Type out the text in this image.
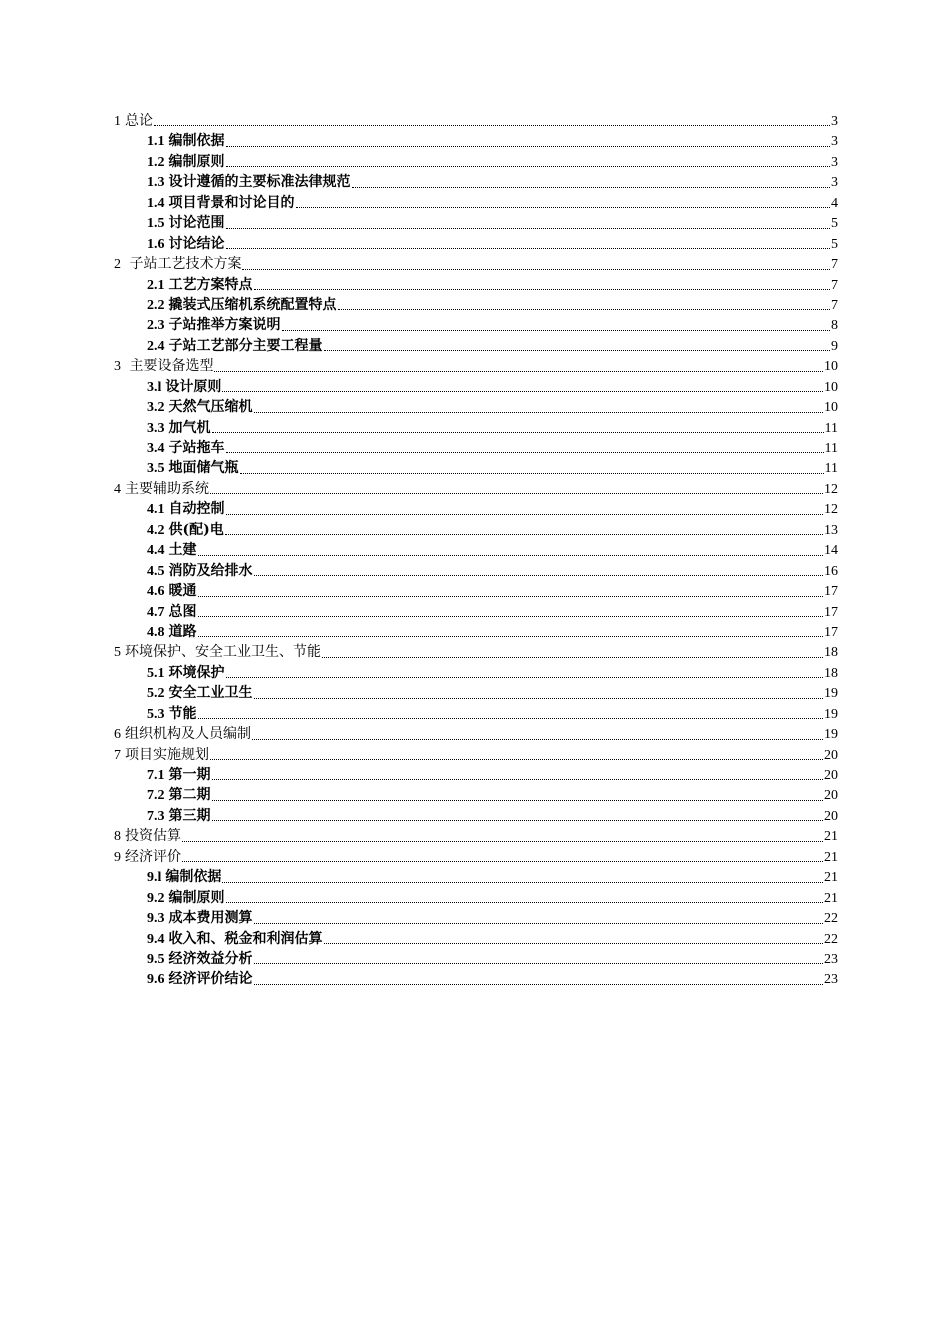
1 总论	3
1.1 编制依据	3
1.2 编制原则	3
1.3 设计遵循的主要标准法律规范	3
1.4 项目背景和讨论目的	4
1.5 讨论范围	5
1.6 讨论结论	5
2 子站工艺技术方案	7
2.1 工艺方案特点	7
2.2 撬装式压缩机系统配置特点	7
2.3 子站推举方案说明	8
2.4 子站工艺部分主要工程量	9
3 主要设备选型	10
3.l 设计原则	10
3.2 天然气压缩机	10
3.3 加气机	11
3.4 子站拖车	11
3.5 地面储气瓶	11
4 主要辅助系统	12
4.1 自动控制	12
4.2 供(配)电	13
4.4 土建	14
4.5 消防及给排水	16
4.6 暖通	17
4.7 总图	17
4.8 道路	17
5 环境保护、安全工业卫生、节能	18
5.1 环境保护	18
5.2 安全工业卫生	19
5.3 节能	19
6 组织机构及人员编制	19
7 项目实施规划	20
7.1 第一期	20
7.2 第二期	20
7.3 第三期	20
8 投资估算	21
9 经济评价	21
9.l 编制依据	21
9.2 编制原则	21
9.3 成本费用测算	22
9.4 收入和、税金和利润估算	22
9.5 经济效益分析	23
9.6 经济评价结论	23
